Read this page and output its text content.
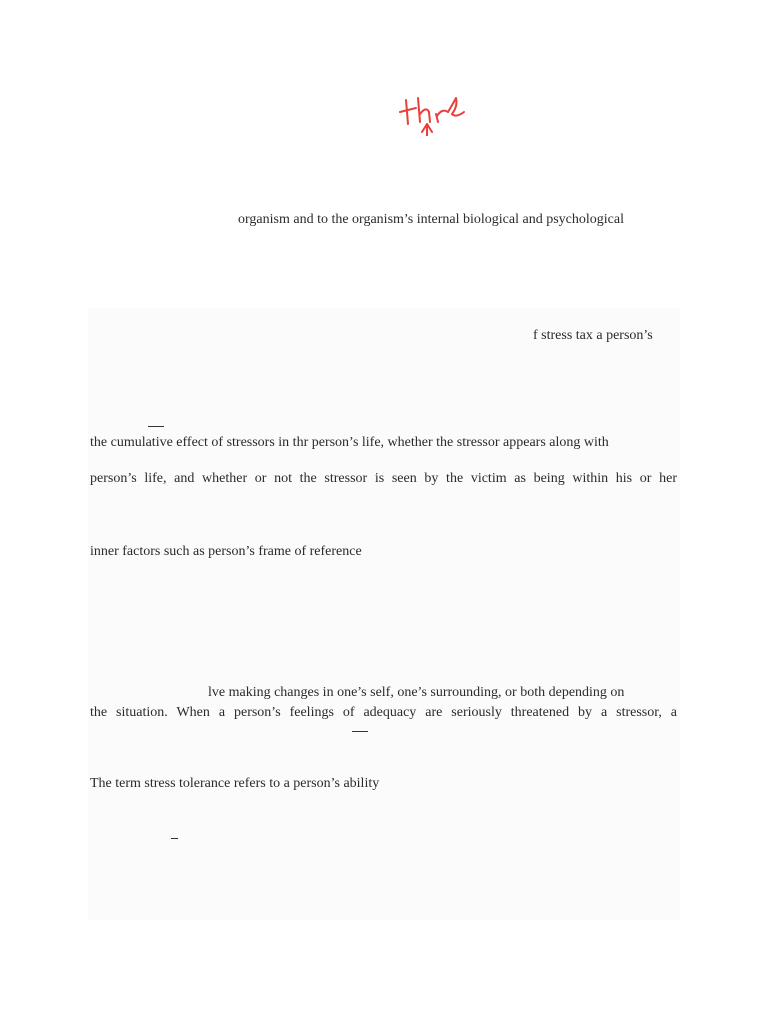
thr
organism and to the organism’s internal biological and psychological
f stress tax a person’s
the cumulative effect of stressors in thr person’s life, whether the stressor appears along with
person’s life, and whether or not the stressor is seen by the victim as being within his or her
inner factors such as person’s frame of reference
lve making changes in one’s self, one’s surrounding, or both depending on
the situation. When a person’s feelings of adequacy are seriously threatened by a stressor, a
The term stress tolerance refers to a person’s ability
